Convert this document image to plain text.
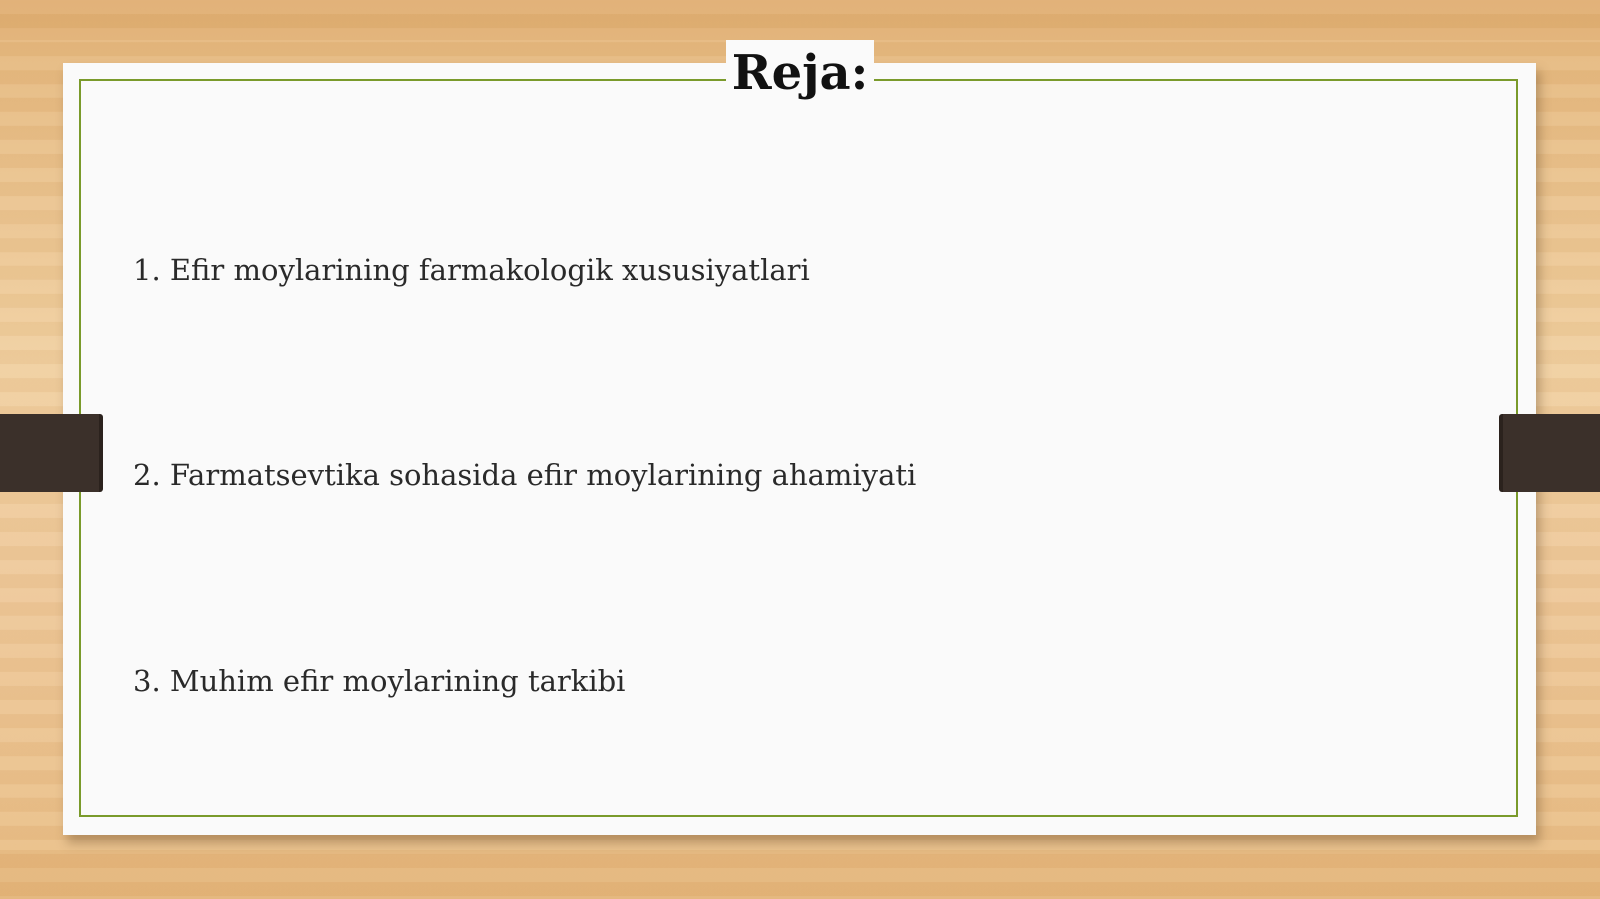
Reja:
1. Efir moylarining farmakologik xususiyatlari
2. Farmatsevtika sohasida efir moylarining ahamiyati
3. Muhim efir moylarining tarkibi
